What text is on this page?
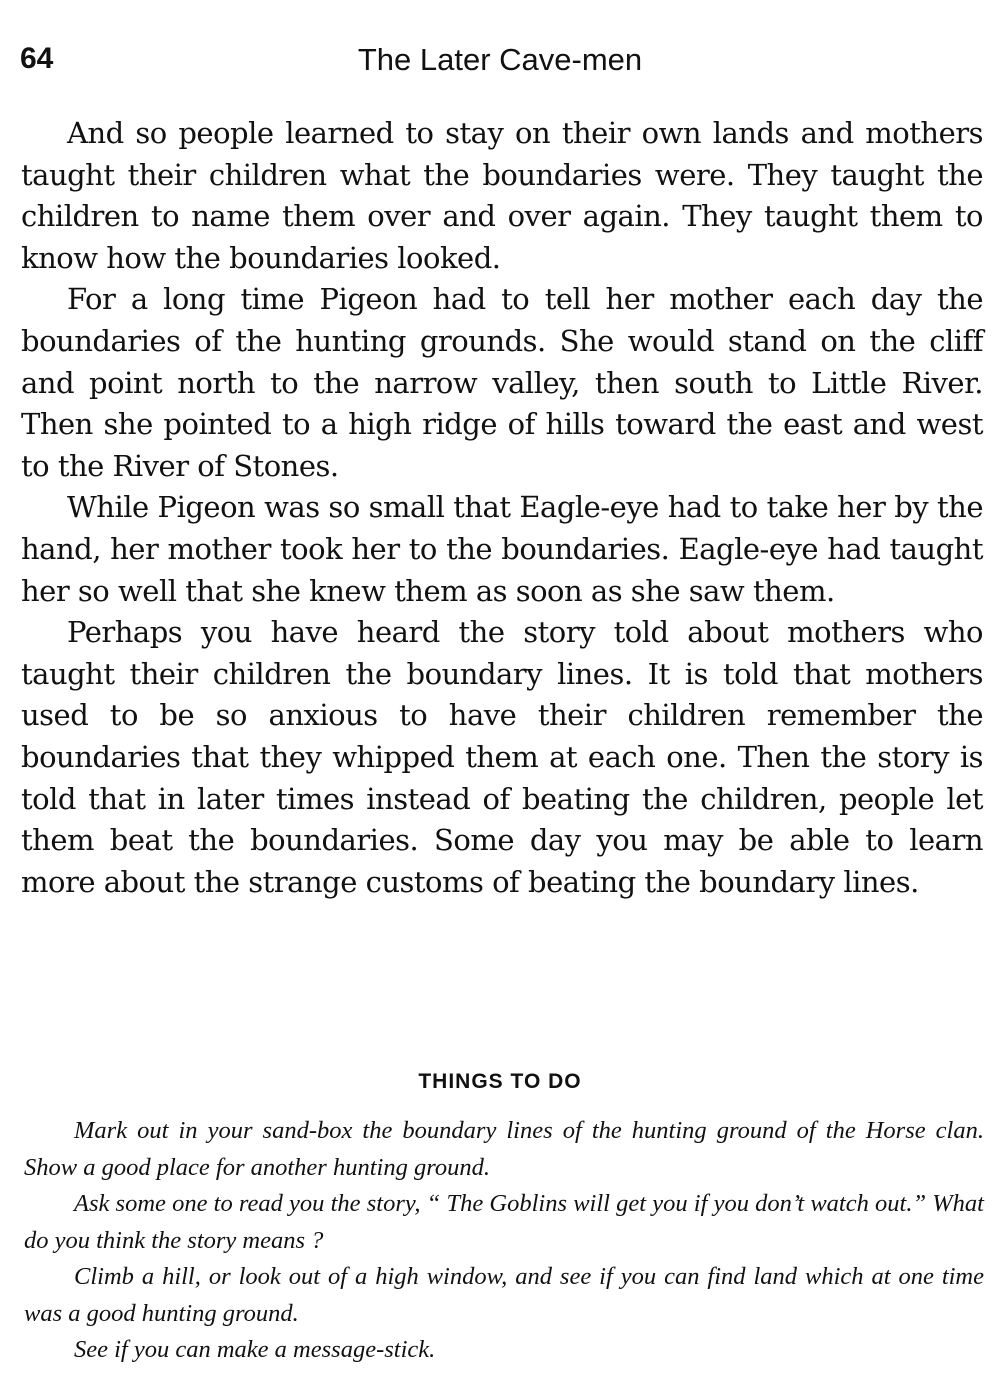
64	The Later Cave-men

And so people learned to stay on their own lands and mothers taught their children what the boundaries were. They taught the children to name them over and over again. They taught them to know how the boundaries looked.

For a long time Pigeon had to tell her mother each day the boundaries of the hunting grounds. She would stand on the cliff and point north to the narrow valley, then south to Little River. Then she pointed to a high ridge of hills toward the east and west to the River of Stones.

While Pigeon was so small that Eagle-eye had to take her by the hand, her mother took her to the boundaries. Eagle-eye had taught her so well that she knew them as soon as she saw them.

Perhaps you have heard the story told about mothers who taught their children the boundary lines. It is told that mothers used to be so anxious to have their children remember the boundaries that they whipped them at each one. Then the story is told that in later times instead of beating the children, people let them beat the boundaries. Some day you may be able to learn more about the strange customs of beating the boundary lines.

THINGS TO DO

Mark out in your sand-box the boundary lines of the hunting ground of the Horse clan. Show a good place for another hunting ground.

Ask some one to read you the story, “ The Goblins will get you if you don’t watch out.” What do you think the story means ?

Climb a hill, or look out of a high window, and see if you can find land which at one time was a good hunting ground.

See if you can make a message-stick.
